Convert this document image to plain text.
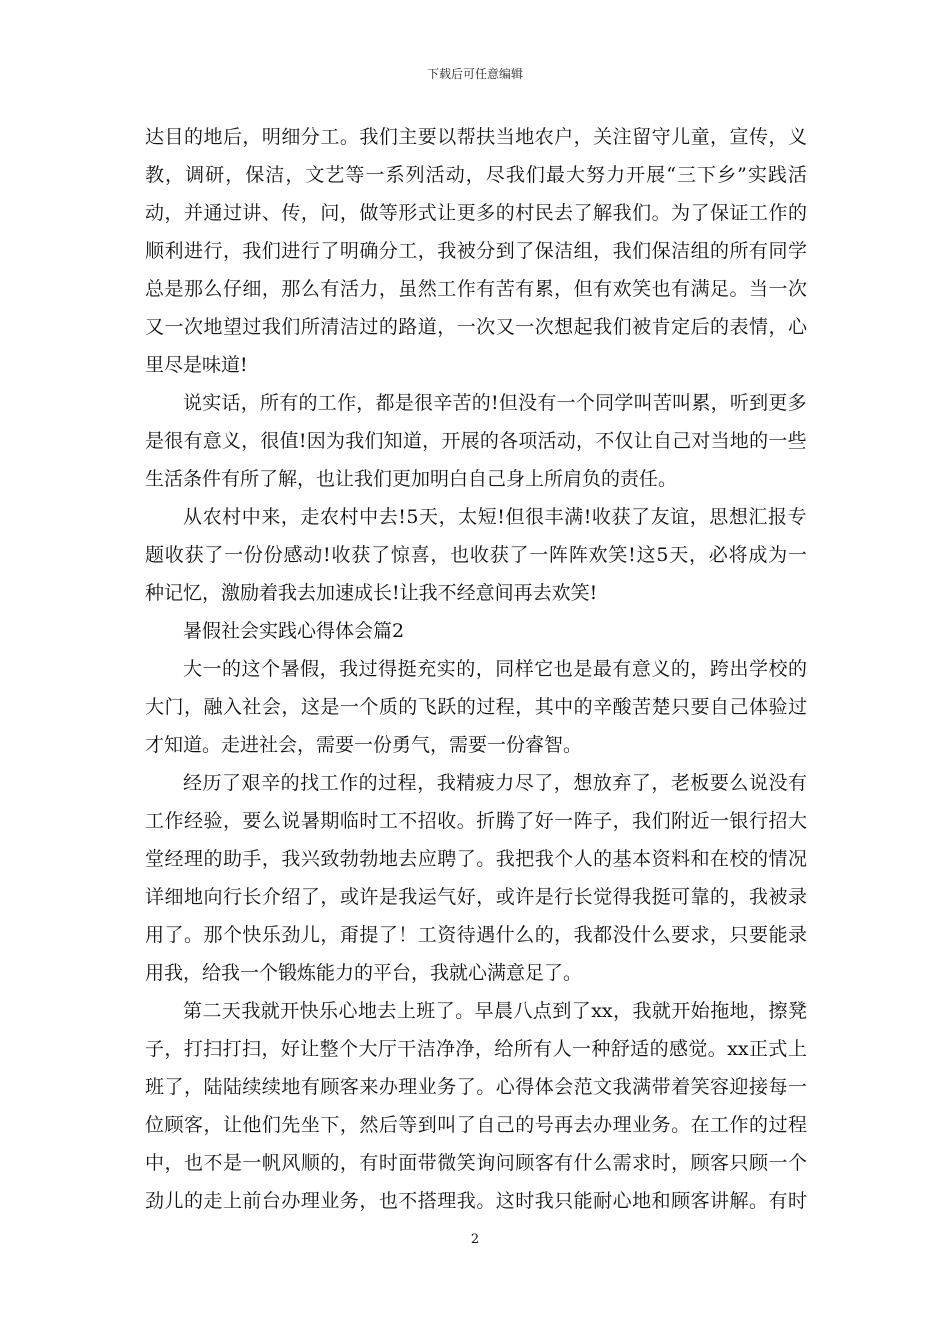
下载后可任意编辑
达 目 的 地 后 ， 明 细 分 工 。 我 们 主 要 以 帮 扶 当 地 农 户 ， 关 注 留 守 儿 童 ， 宣 传 ， 义
教 ， 调 研 ， 保 洁 ， 文 艺 等 一 系 列 活 动 ， 尽 我 们 最 大 努 力 开 展 “ 三 下 乡 ” 实 践 活
动 ， 并 通 过 讲 、 传 ， 问 ， 做 等 形 式 让 更 多 的 村 民 去 了 解 我 们 。 为 了 保 证 工 作 的
顺 利 进 行 ， 我 们 进 行 了 明 确 分 工 ， 我 被 分 到 了 保 洁 组 ， 我 们 保 洁 组 的 所 有 同 学
总 是 那 么 仔 细 ， 那 么 有 活 力 ， 虽 然 工 作 有 苦 有 累 ， 但 有 欢 笑 也 有 满 足 。 当 一 次
又 一 次 地 望 过 我 们 所 清 洁 过 的 路 道 ， 一 次 又 一 次 想 起 我 们 被 肯 定 后 的 表 情 ， 心
里尽是味道!
说 实 话 ， 所 有 的 工 作 ， 都 是 很 辛 苦 的 ! 但 没 有 一 个 同 学 叫 苦 叫 累 ， 听 到 更 多
是 很 有 意 义 ， 很 值 ! 因 为 我 们 知 道 ， 开 展 的 各 项 活 动 ， 不 仅 让 自 己 对 当 地 的 一 些
生活条件有所了解，也让我们更加明白自己身上所肩负的责任。
从 农 村 中 来 ， 走 农 村 中 去 ! 5 天 ， 太 短 ! 但 很 丰 满 ! 收 获 了 友 谊 ， 思 想 汇 报 专
题 收 获 了 一 份 份 感 动 ! 收 获 了 惊 喜 ， 也 收 获 了 一 阵 阵 欢 笑 ! 这 5 天 ， 必 将 成 为 一
种记忆，激励着我去加速成长!让我不经意间再去欢笑!
暑假社会实践心得体会篇2
大 一 的 这 个 暑 假 ， 我 过 得 挺 充 实 的 ， 同 样 它 也 是 最 有 意 义 的 ， 跨 出 学 校 的
大 门 ， 融 入 社 会 ， 这 是 一 个 质 的 飞 跃 的 过 程 ， 其 中 的 辛 酸 苦 楚 只 要 自 己 体 验 过
才知道。走进社会，需要一份勇气，需要一份睿智。
经 历 了 艰 辛 的 找 工 作 的 过 程 ， 我 精 疲 力 尽 了 ， 想 放 弃 了 ， 老 板 要 么 说 没 有
工 作 经 验 ， 要 么 说 暑 期 临 时 工 不 招 收 。 折 腾 了 好 一 阵 子 ， 我 们 附 近 一 银 行 招 大
堂 经 理 的 助 手 ， 我 兴 致 勃 勃 地 去 应 聘 了 。 我 把 我 个 人 的 基 本 资 料 和 在 校 的 情 况
详 细 地 向 行 长 介 绍 了 ， 或 许 是 我 运 气 好 ， 或 许 是 行 长 觉 得 我 挺 可 靠 的 ， 我 被 录
用 了 。 那 个 快 乐 劲 儿 ， 甭 提 了 ！ 工 资 待 遇 什 么 的 ， 我 都 没 什 么 要 求 ， 只 要 能 录
用我，给我一个锻炼能力的平台，我就心满意足了。
第 二 天 我 就 开 快 乐 心 地 去 上 班 了 。 早 晨 八 点 到 了 xx ， 我 就 开 始 拖 地 ， 擦 凳
子 ， 打 扫 打 扫 ， 好 让 整 个 大 厅 干 洁 净 净 ， 给 所 有 人 一 种 舒 适 的 感 觉 。 xx 正 式 上
班 了 ， 陆 陆 续 续 地 有 顾 客 来 办 理 业 务 了 。 心 得 体 会 范 文 我 满 带 着 笑 容 迎 接 每 一
位 顾 客 ， 让 他 们 先 坐 下 ， 然 后 等 到 叫 了 自 己 的 号 再 去 办 理 业 务 。 在 工 作 的 过 程
中 ， 也 不 是 一 帆 风 顺 的 ， 有 时 面 带 微 笑 询 问 顾 客 有 什 么 需 求 时 ， 顾 客 只 顾 一 个
劲 儿 的 走 上 前 台 办 理 业 务 ， 也 不 搭 理 我 。 这 时 我 只 能 耐 心 地 和 顾 客 讲 解 。 有 时
2
